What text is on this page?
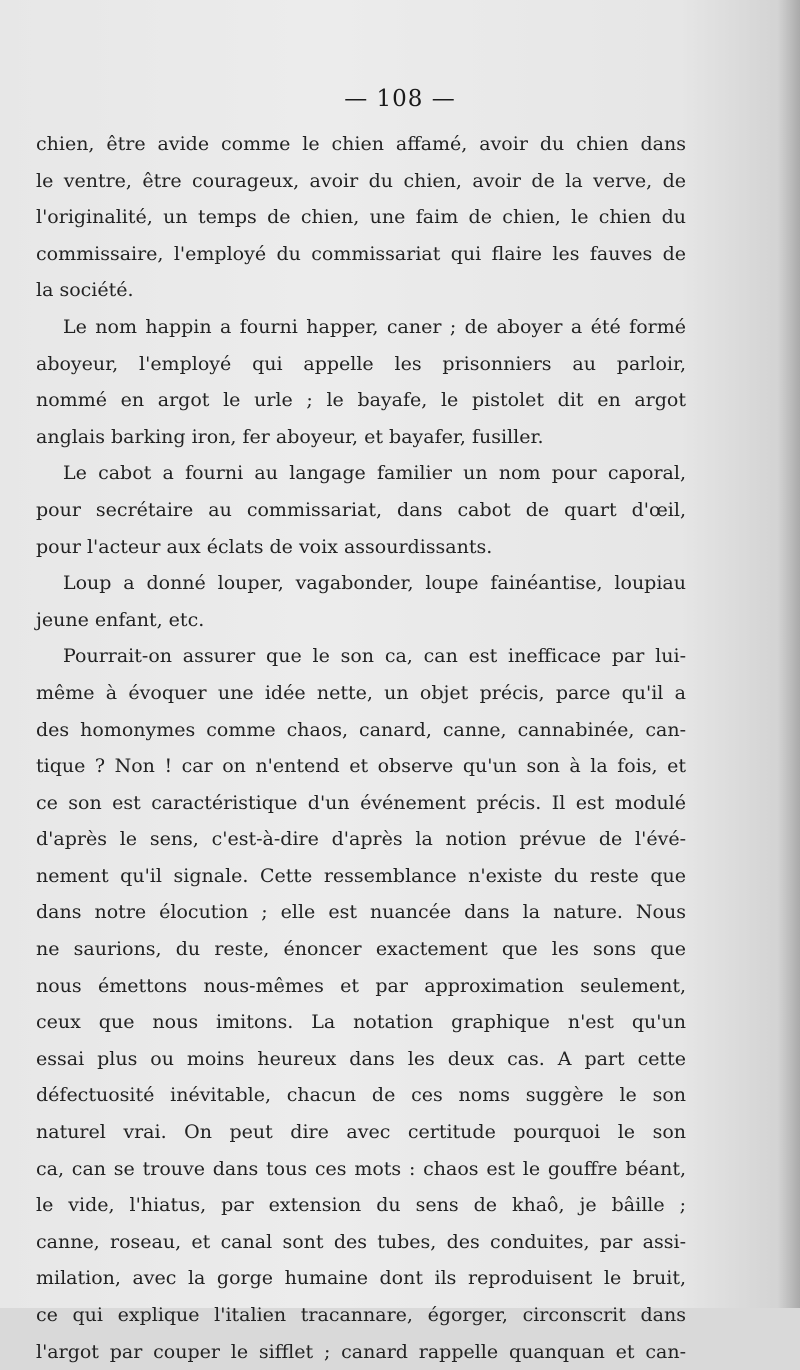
— 108 —
chien, être avide comme le chien affamé, avoir du chien dans
le ventre, être courageux, avoir du chien, avoir de la verve, de
l'originalité, un temps de chien, une faim de chien, le chien du
commissaire, l'employé du commissariat qui flaire les fauves de
la société.
Le nom happin a fourni happer, caner ; de aboyer a été formé
aboyeur, l'employé qui appelle les prisonniers au parloir,
nommé en argot le urle ; le bayafe, le pistolet dit en argot
anglais barking iron, fer aboyeur, et bayafer, fusiller.
Le cabot a fourni au langage familier un nom pour caporal,
pour secrétaire au commissariat, dans cabot de quart d'œil,
pour l'acteur aux éclats de voix assourdissants.
Loup a donné louper, vagabonder, loupe fainéantise, loupiau
jeune enfant, etc.
Pourrait-on assurer que le son ca, can est inefficace par lui-
même à évoquer une idée nette, un objet précis, parce qu'il a
des homonymes comme chaos, canard, canne, cannabinée, can-
tique ? Non ! car on n'entend et observe qu'un son à la fois, et
ce son est caractéristique d'un événement précis. Il est modulé
d'après le sens, c'est-à-dire d'après la notion prévue de l'évé-
nement qu'il signale. Cette ressemblance n'existe du reste que
dans notre élocution ; elle est nuancée dans la nature. Nous
ne saurions, du reste, énoncer exactement que les sons que
nous émettons nous-mêmes et par approximation seulement,
ceux que nous imitons. La notation graphique n'est qu'un
essai plus ou moins heureux dans les deux cas. A part cette
défectuosité inévitable, chacun de ces noms suggère le son
naturel vrai. On peut dire avec certitude pourquoi le son
ca, can se trouve dans tous ces mots : chaos est le gouffre béant,
le vide, l'hiatus, par extension du sens de khaô, je bâille ;
canne, roseau, et canal sont des tubes, des conduites, par assi-
milation, avec la gorge humaine dont ils reproduisent le bruit,
ce qui explique l'italien tracannare, égorger, circonscrit dans
l'argot par couper le sifflet ; canard rappelle quanquan et can-
